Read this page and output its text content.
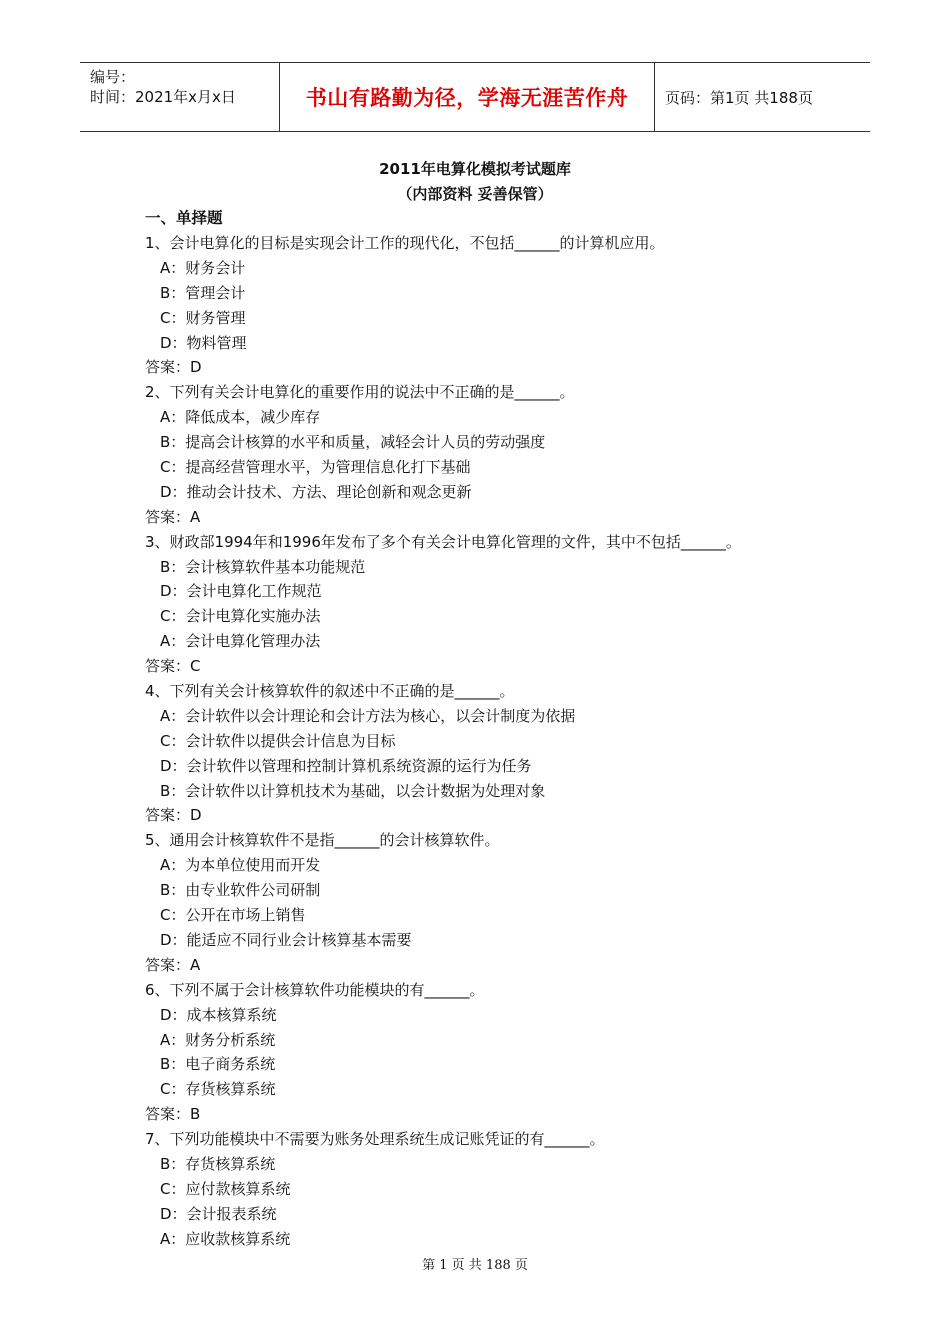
编号：
时间：2021年x月x日	书山有路勤为径，学海无涯苦作舟	页码：第1页 共188页
2011年电算化模拟考试题库
（内部资料 妥善保管）
一、单择题
1、会计电算化的目标是实现会计工作的现代化，不包括______的计算机应用。
A：财务会计
B：管理会计
C：财务管理
D：物料管理
答案：D
2、下列有关会计电算化的重要作用的说法中不正确的是______。
A：降低成本，减少库存
B：提高会计核算的水平和质量，减轻会计人员的劳动强度
C：提高经营管理水平，为管理信息化打下基础
D：推动会计技术、方法、理论创新和观念更新
答案：A
3、财政部1994年和1996年发布了多个有关会计电算化管理的文件，其中不包括______。
B：会计核算软件基本功能规范
D：会计电算化工作规范
C：会计电算化实施办法
A：会计电算化管理办法
答案：C
4、下列有关会计核算软件的叙述中不正确的是______。
A：会计软件以会计理论和会计方法为核心，以会计制度为依据
C：会计软件以提供会计信息为目标
D：会计软件以管理和控制计算机系统资源的运行为任务
B：会计软件以计算机技术为基础，以会计数据为处理对象
答案：D
5、通用会计核算软件不是指______的会计核算软件。
A：为本单位使用而开发
B：由专业软件公司研制
C：公开在市场上销售
D：能适应不同行业会计核算基本需要
答案：A
6、下列不属于会计核算软件功能模块的有______。
D：成本核算系统
A：财务分析系统
B：电子商务系统
C：存货核算系统
答案：B
7、下列功能模块中不需要为账务处理系统生成记账凭证的有______。
B：存货核算系统
C：应付款核算系统
D：会计报表系统
A：应收款核算系统
第 1 页 共 188 页
